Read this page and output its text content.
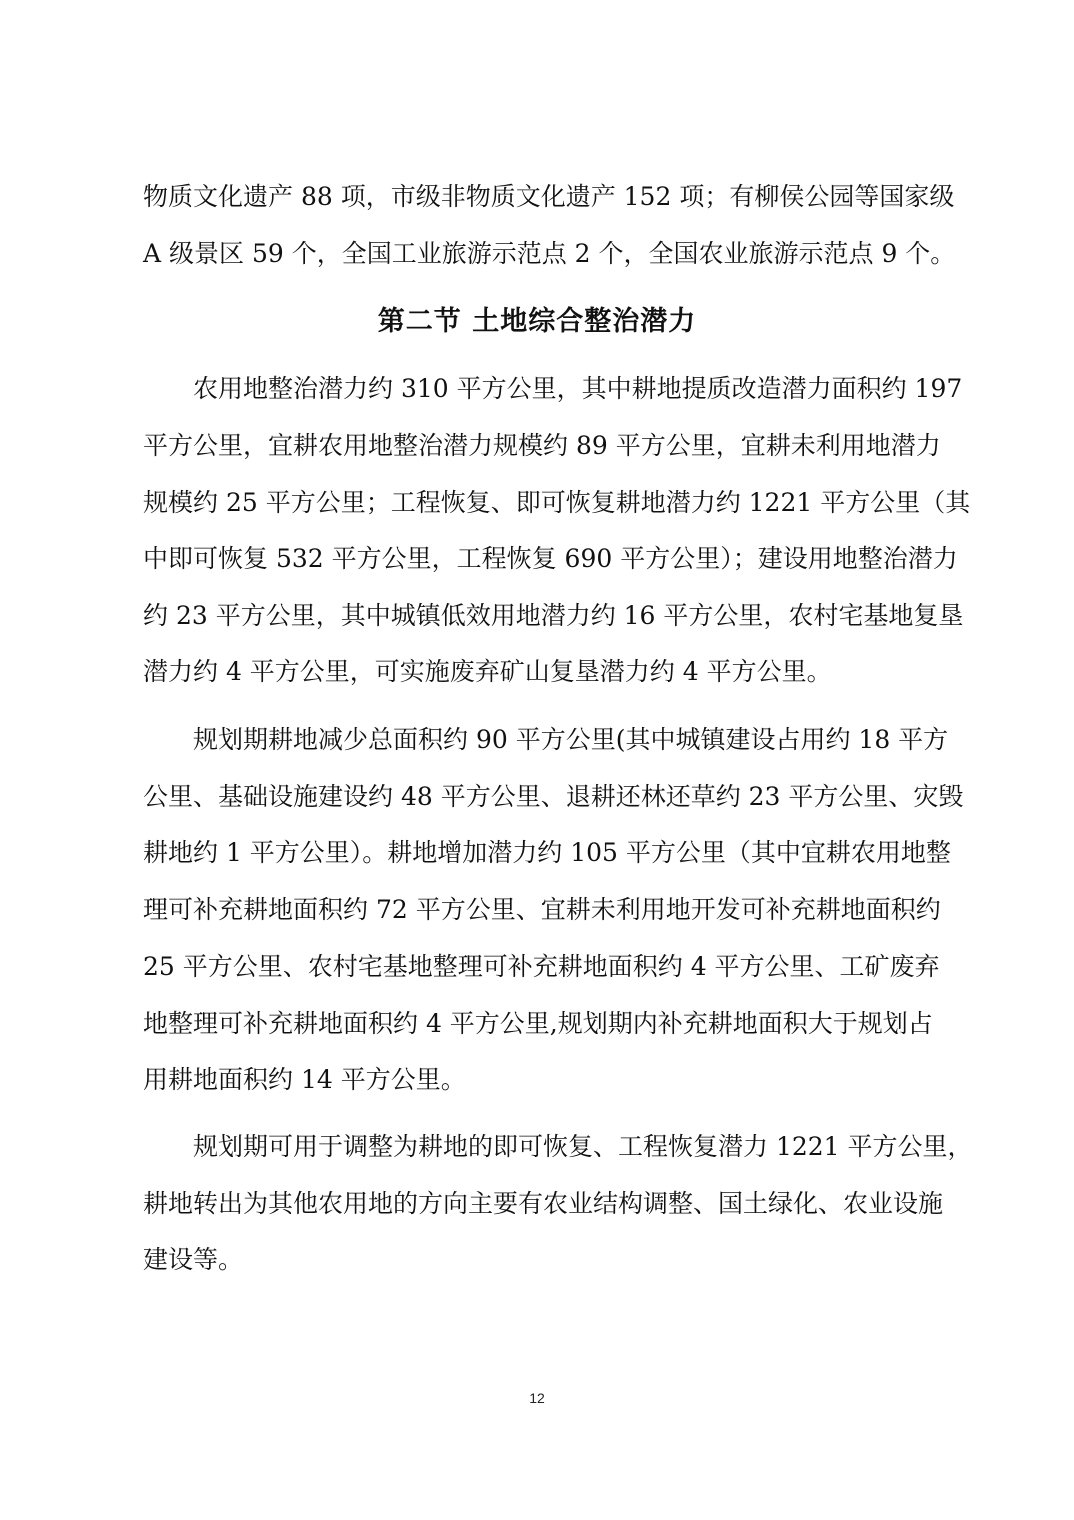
物质文化遗产 88 项，市级非物质文化遗产 152 项；有柳侯公园等国家级

A 级景区 59 个，全国工业旅游示范点 2 个，全国农业旅游示范点 9 个。

第二节 土地综合整治潜力

农用地整治潜力约 310 平方公里，其中耕地提质改造潜力面积约 197

平方公里，宜耕农用地整治潜力规模约 89 平方公里，宜耕未利用地潜力

规模约 25 平方公里；工程恢复、即可恢复耕地潜力约 1221 平方公里（其

中即可恢复 532 平方公里，工程恢复 690 平方公里）；建设用地整治潜力

约 23 平方公里，其中城镇低效用地潜力约 16 平方公里，农村宅基地复垦

潜力约 4 平方公里，可实施废弃矿山复垦潜力约 4 平方公里。

规划期耕地减少总面积约 90 平方公里(其中城镇建设占用约 18 平方

公里、基础设施建设约 48 平方公里、退耕还林还草约 23 平方公里、灾毁

耕地约 1 平方公里）。耕地增加潜力约 105 平方公里（其中宜耕农用地整

理可补充耕地面积约 72 平方公里、宜耕未利用地开发可补充耕地面积约

25 平方公里、农村宅基地整理可补充耕地面积约 4 平方公里、工矿废弃

地整理可补充耕地面积约 4 平方公里,规划期内补充耕地面积大于规划占

用耕地面积约 14 平方公里。

规划期可用于调整为耕地的即可恢复、工程恢复潜力 1221 平方公里，

耕地转出为其他农用地的方向主要有农业结构调整、国土绿化、农业设施

建设等。

12
